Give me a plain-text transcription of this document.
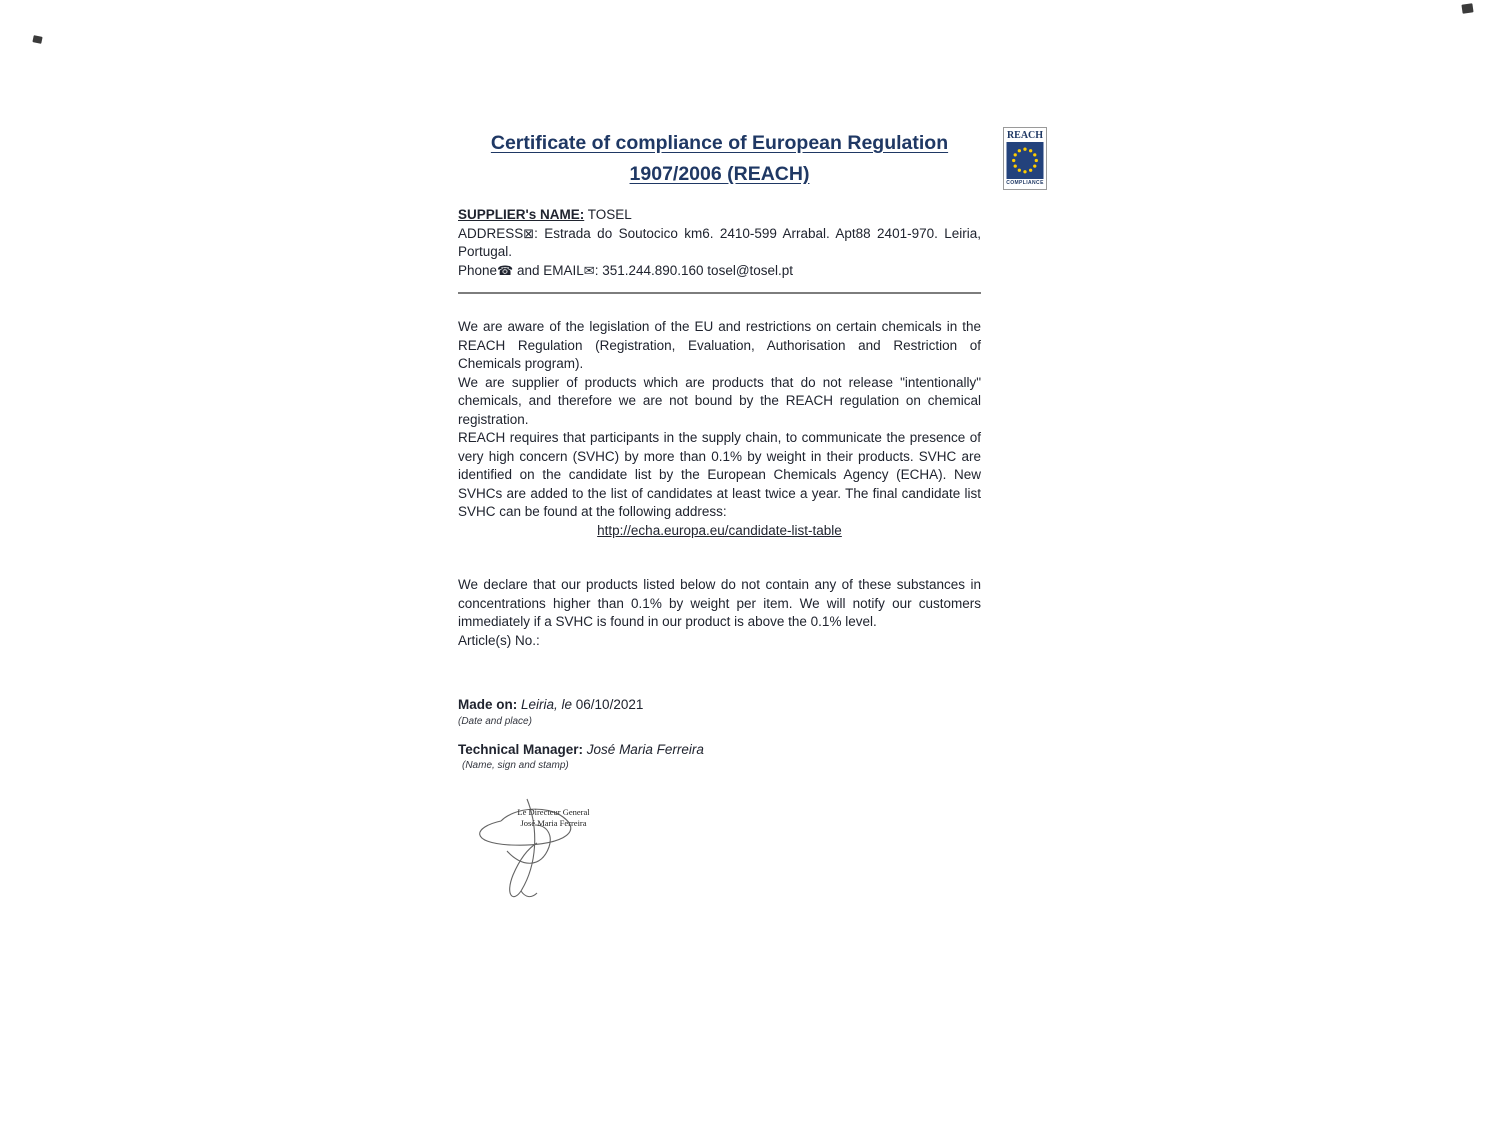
REACH
COMPLIANCE
Certificate of compliance of European Regulation
1907/2006 (REACH)
SUPPLIER's NAME: TOSEL
ADDRESS⊠: Estrada do Soutocico km6. 2410-599 Arrabal. Apt88 2401-970. Leiria, Portugal.
Phone☎ and EMAIL✉: 351.244.890.160 tosel@tosel.pt

We are aware of the legislation of the EU and restrictions on certain chemicals in the REACH Regulation (Registration, Evaluation, Authorisation and Restriction of Chemicals program).

We are supplier of products which are products that do not release "intentionally" chemicals, and therefore we are not bound by the REACH regulation on chemical registration.

REACH requires that participants in the supply chain, to communicate the presence of very high concern (SVHC) by more than 0.1% by weight in their products. SVHC are identified on the candidate list by the European Chemicals Agency (ECHA). New SVHCs are added to the list of candidates at least twice a year. The final candidate list SVHC can be found at the following address:

http://echa.europa.eu/candidate-list-table

We declare that our products listed below do not contain any of these substances in concentrations higher than 0.1% by weight per item. We will notify our customers immediately if a SVHC is found in our product is above the 0.1% level.

Article(s) No.:
Made on: Leiria, le 06/10/2021
(Date and place)
Technical Manager: José Maria Ferreira
(Name, sign and stamp)
Le Directeur General
José Maria Ferreira
